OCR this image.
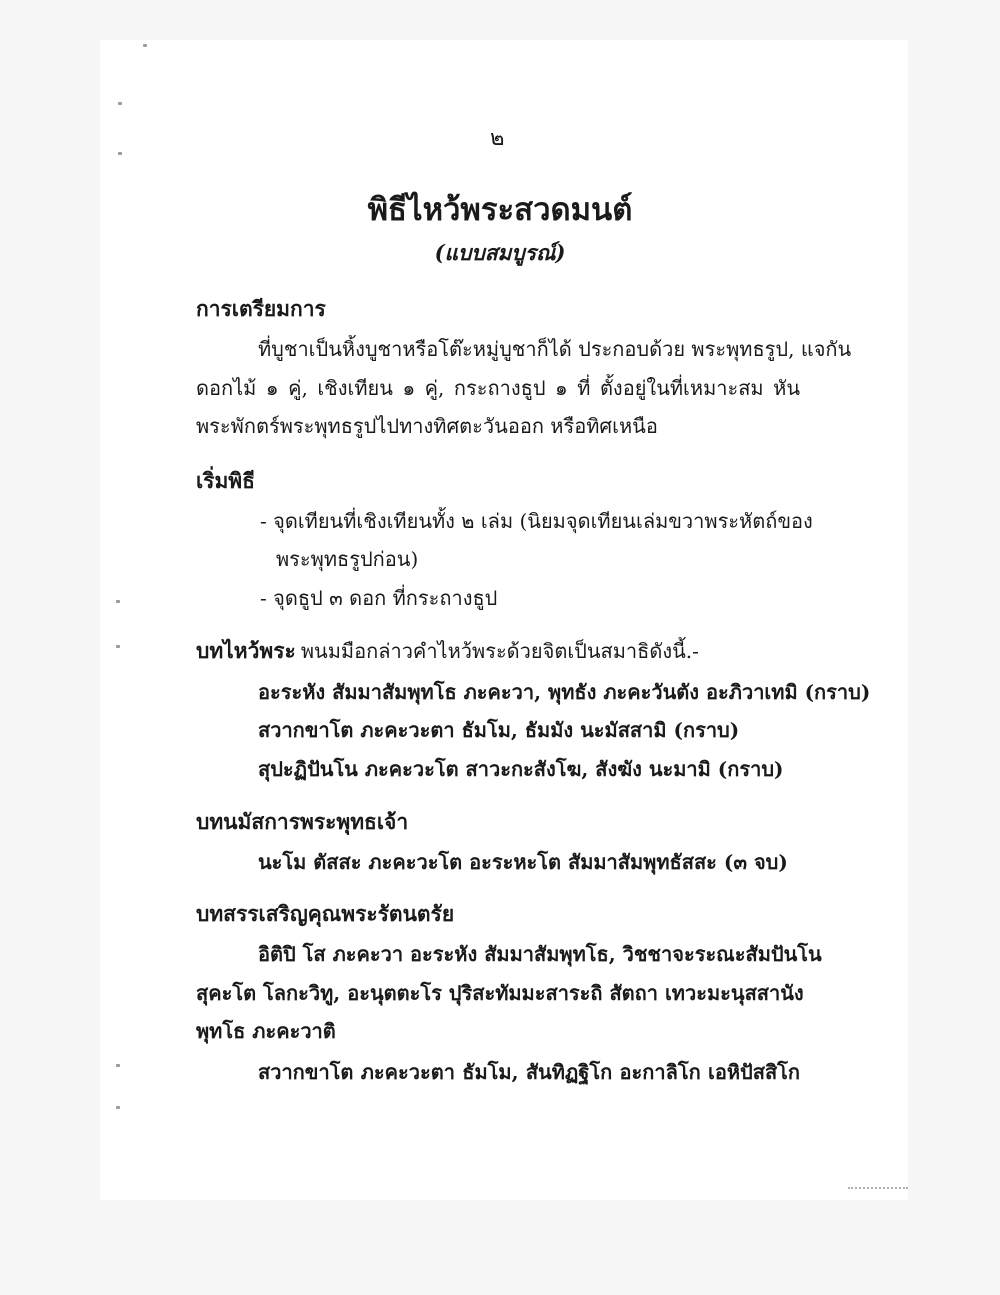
๒
พิธีไหว้พระสวดมนต์
(แบบสมบูรณ์)
การเตรียมการ
ที่บูชาเป็นหิ้งบูชาหรือโต๊ะหมู่บูชาก็ได้ ประกอบด้วย พระพุทธรูป, แจกัน
ดอกไม้ ๑ คู่, เชิงเทียน ๑ คู่, กระถางธูป ๑ ที่ ตั้งอยู่ในที่เหมาะสม หัน
พระพักตร์พระพุทธรูปไปทางทิศตะวันออก หรือทิศเหนือ
เริ่มพิธี
- จุดเทียนที่เชิงเทียนทั้ง ๒ เล่ม (นิยมจุดเทียนเล่มขวาพระหัตถ์ของ
พระพุทธรูปก่อน)
- จุดธูป ๓ ดอก ที่กระถางธูป
บทไหว้พระ พนมมือกล่าวคำไหว้พระด้วยจิตเป็นสมาธิดังนี้.-
อะระหัง สัมมาสัมพุทโธ ภะคะวา, พุทธัง ภะคะวันตัง อะภิวาเทมิ (กราบ)
สวากขาโต ภะคะวะตา ธัมโม, ธัมมัง นะมัสสามิ (กราบ)
สุปะฏิปันโน ภะคะวะโต สาวะกะสังโฆ, สังฆัง นะมามิ (กราบ)
บทนมัสการพระพุทธเจ้า
นะโม ตัสสะ ภะคะวะโต อะระหะโต สัมมาสัมพุทธัสสะ (๓ จบ)
บทสรรเสริญคุณพระรัตนตรัย
อิติปิ โส ภะคะวา อะระหัง สัมมาสัมพุทโธ, วิชชาจะระณะสัมปันโน
สุคะโต โลกะวิทู, อะนุตตะโร ปุริสะทัมมะสาระถิ สัตถา เทวะมะนุสสานัง
พุทโธ ภะคะวาติ
สวากขาโต ภะคะวะตา ธัมโม, สันทิฏฐิโก อะกาลิโก เอหิปัสสิโก
